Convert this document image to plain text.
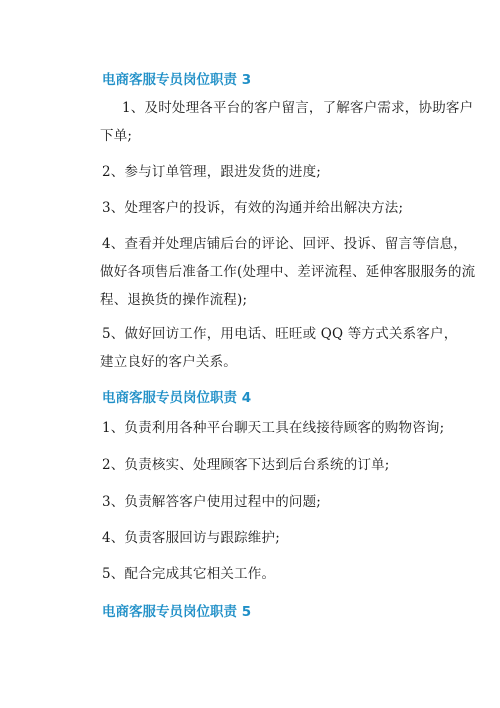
电商客服专员岗位职责 3
1、及时处理各平台的客户留言，了解客户需求，协助客户
下单;
2、参与订单管理，跟进发货的进度;
3、处理客户的投诉，有效的沟通并给出解决方法;
4、查看并处理店铺后台的评论、回评、投诉、留言等信息，
做好各项售后准备工作(处理中、差评流程、延伸客服服务的流
程、退换货的操作流程);
5、做好回访工作，用电话、旺旺或 QQ 等方式关系客户，
建立良好的客户关系。
电商客服专员岗位职责 4
1、负责利用各种平台聊天工具在线接待顾客的购物咨询;
2、负责核实、处理顾客下达到后台系统的订单;
3、负责解答客户使用过程中的问题;
4、负责客服回访与跟踪维护;
5、配合完成其它相关工作。
电商客服专员岗位职责 5
